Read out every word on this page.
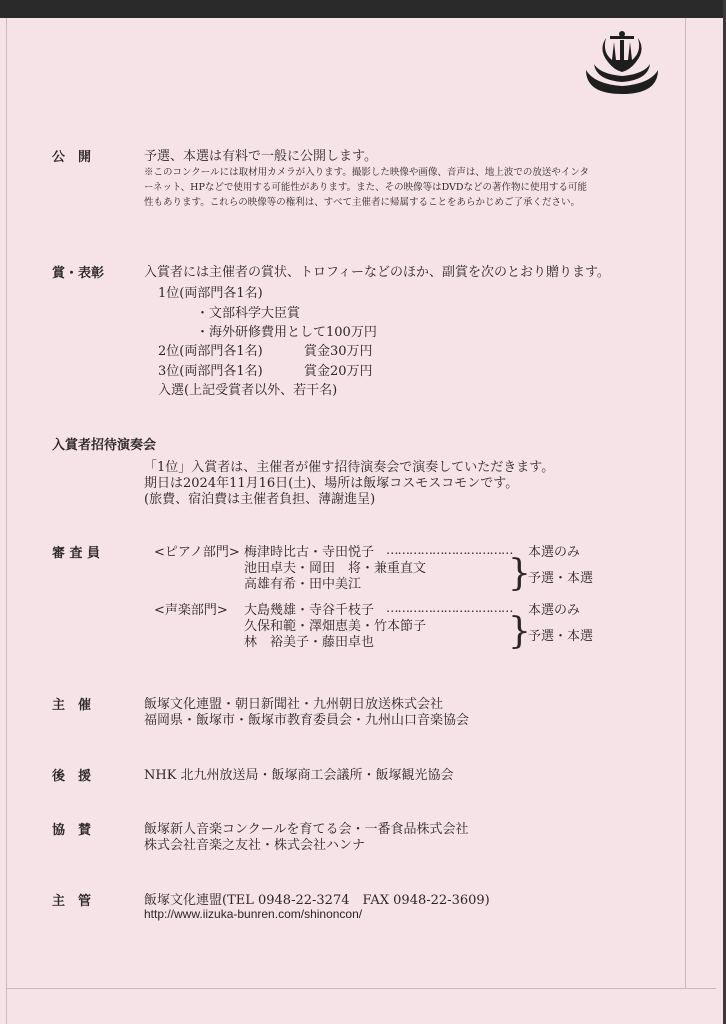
公　開	予選、本選は有料で一般に公開します。
※このコンクールには取材用カメラが入ります。撮影した映像や画像、音声は、地上波での放送やインターネット、HPなどで使用する可能性があります。また、その映像等はDVDなどの著作物に使用する可能性もあります。これらの映像等の権利は、すべて主催者に帰属することをあらかじめご了承ください。
賞・表彰	入賞者には主催者の賞状、トロフィーなどのほか、副賞を次のとおり贈ります。
1位(両部門各1名)
・文部科学大臣賞
・海外研修費用として100万円
2位(両部門各1名)	賞金30万円
3位(両部門各1名)	賞金20万円
入選(上記受賞者以外、若干名)
入賞者招待演奏会
「1位」入賞者は、主催者が催す招待演奏会で演奏していただきます。
期日は2024年11月16日(土)、場所は飯塚コスモスコモンです。
(旅費、宿泊費は主催者負担、薄謝進呈)
審 査 員	<ピアノ部門> 梅津時比古・寺田悦子 …………………………… 本選のみ
池田卓夫・岡田　将・兼重直文
高雄有希・田中美江	}
予選・本選
<声楽部門> 大島幾雄・寺谷千枝子 …………………………… 本選のみ
久保和範・澤畑恵美・竹本節子
林　裕美子・藤田卓也	}
予選・本選
主　催	飯塚文化連盟・朝日新聞社・九州朝日放送株式会社
福岡県・飯塚市・飯塚市教育委員会・九州山口音楽協会
後　援	NHK 北九州放送局・飯塚商工会議所・飯塚観光協会
協　賛	飯塚新人音楽コンクールを育てる会・一番食品株式会社
株式会社音楽之友社・株式会社ハンナ
主　管	飯塚文化連盟(TEL 0948-22-3274　FAX 0948-22-3609)
http://www.iizuka-bunren.com/shinoncon/
